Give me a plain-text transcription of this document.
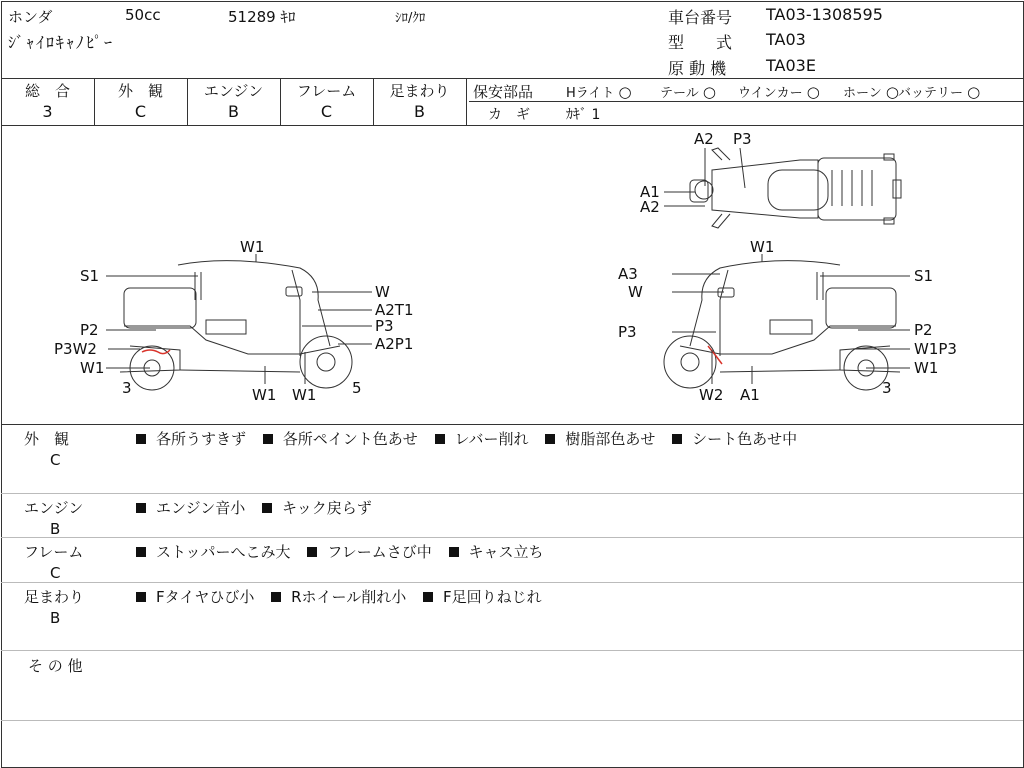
ホンダ	50cc	51289 ｷﾛ	ｼﾛ/ｸﾛ
ｼﾞｬｲﾛｷｬﾉﾋﾟｰ
車台番号 TA03-1308595
型　　式 TA03
原 動 機 TA03E
総　合
3
外　観
C
エンジン
B
フレーム
C
足まわり
B
保安部品	Hライト ○ テール ○ ウインカー ○ ホーン ○ バッテリー ○
カ　ギ	ｶｷﾞ 1
A2 P3
A1
A2
W1
S1
W
A2T1
P3
P2
A2P1
P3W2
W1
3	W1 W1 5
W1
A3	S1
W
P3	P2
W1P3
W1
W2 A1	3
外　観
C
各所うすきず 各所ペイント色あせ レバー削れ 樹脂部色あせ シート色あせ中
エンジン
B
エンジン音小 キック戻らず
フレーム
C
ストッパーへこみ大 フレームさび中 キャス立ち
足まわり
B
Fタイヤひび小 Rホイール削れ小 F足回りねじれ
そ の 他
